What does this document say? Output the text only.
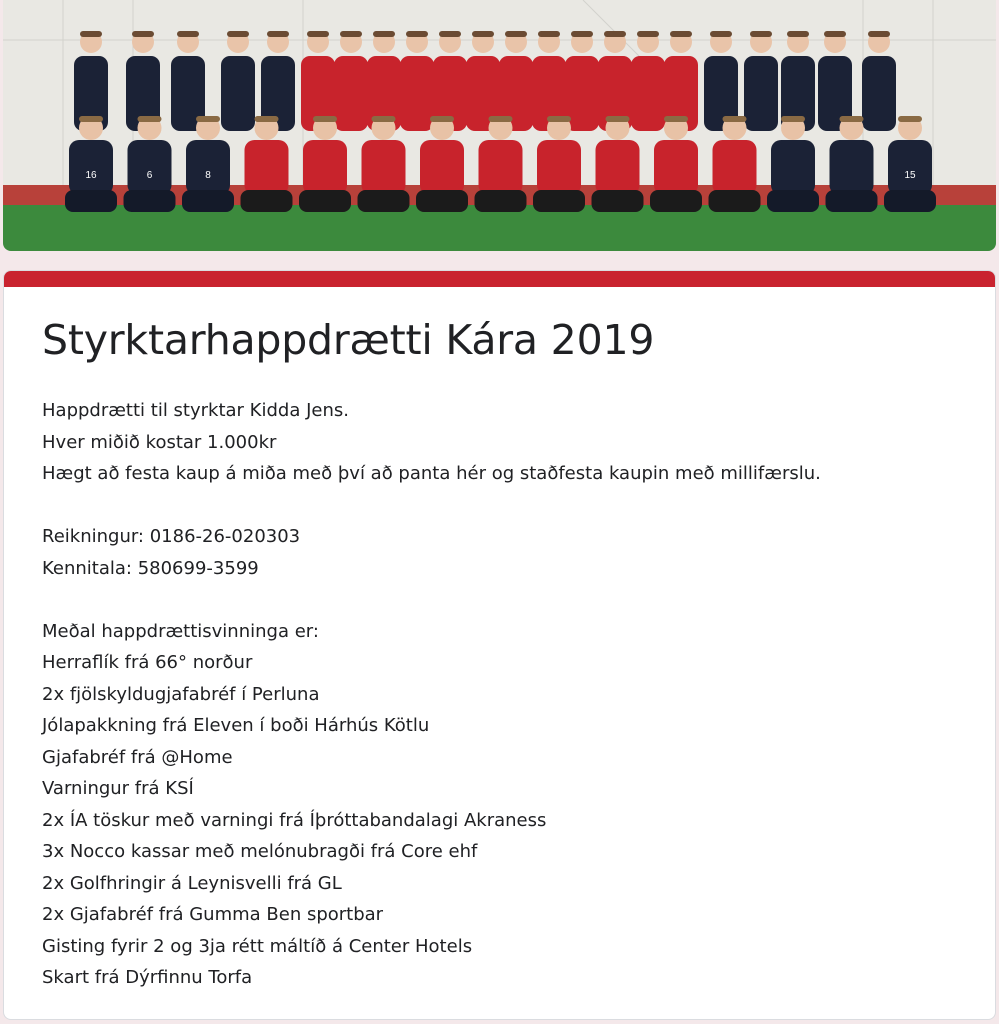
16	6	8	15
Styrktarhappdrætti Kára 2019
Happdrætti til styrktar Kidda Jens.
Hver miðið kostar 1.000kr
Hægt að festa kaup á miða með því að panta hér og staðfesta kaupin með millifærslu.
Reikningur: 0186-26-020303
Kennitala: 580699-3599
Meðal happdrættisvinninga er:
Herraflík frá 66° norður
2x fjölskyldugjafabréf í Perluna
Jólapakkning frá Eleven í boði Hárhús Kötlu
Gjafabréf frá @Home
Varningur frá KSÍ
2x ÍA töskur með varningi frá Íþróttabandalagi Akraness
3x Nocco kassar með melónubragði frá Core ehf
2x Golfhringir á Leynisvelli frá GL
2x Gjafabréf frá Gumma Ben sportbar
Gisting fyrir 2 og 3ja rétt máltíð á Center Hotels
Skart frá Dýrfinnu Torfa
